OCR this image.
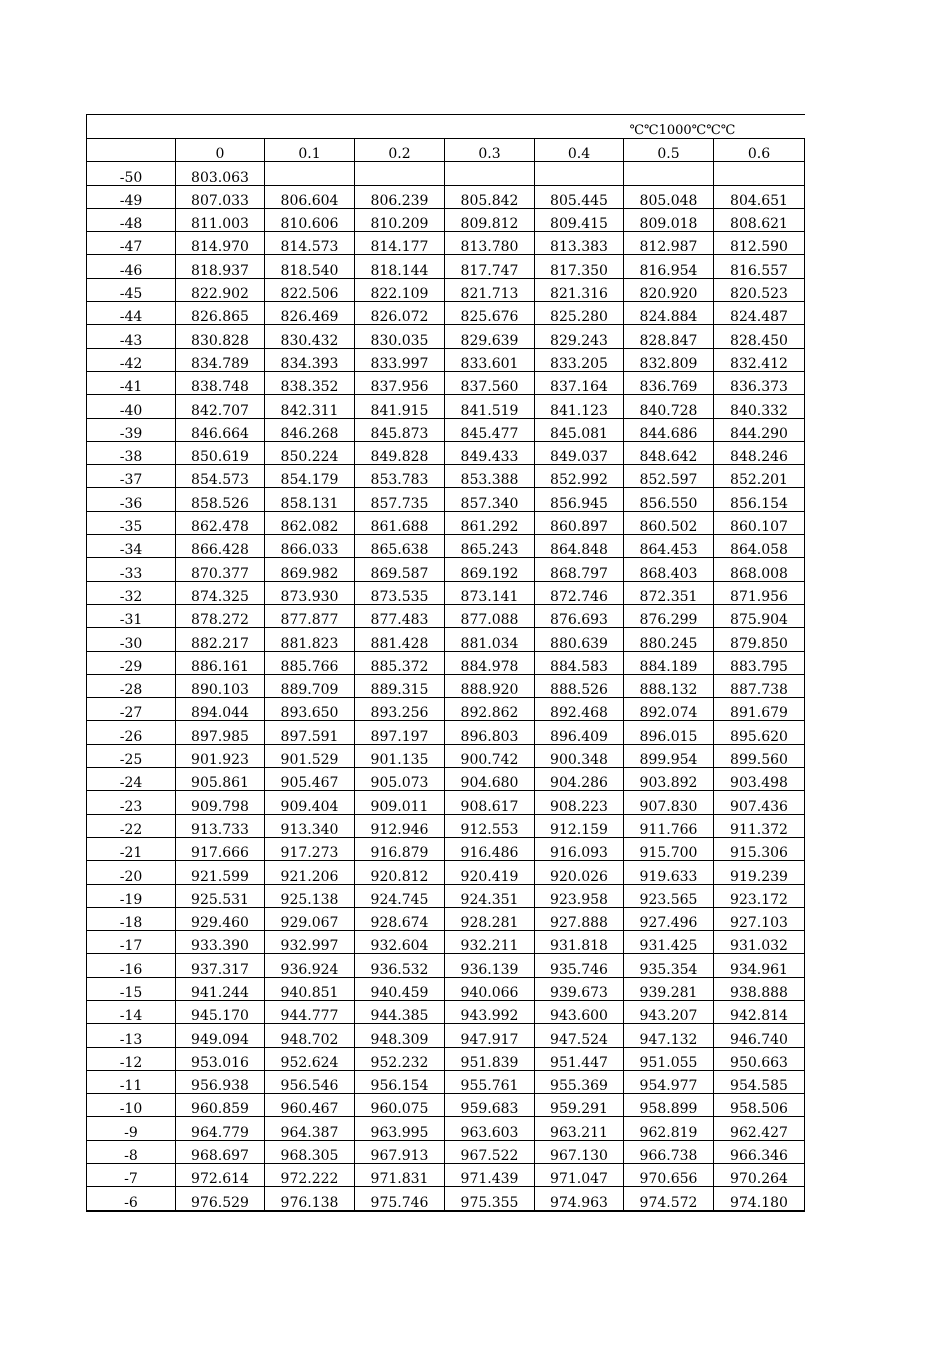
					℃℃1000℃℃℃		
	0	0.1	0.2	0.3	0.4	0.5	0.6
-50	803.063						
-49	807.033	806.604	806.239	805.842	805.445	805.048	804.651
-48	811.003	810.606	810.209	809.812	809.415	809.018	808.621
-47	814.970	814.573	814.177	813.780	813.383	812.987	812.590
-46	818.937	818.540	818.144	817.747	817.350	816.954	816.557
-45	822.902	822.506	822.109	821.713	821.316	820.920	820.523
-44	826.865	826.469	826.072	825.676	825.280	824.884	824.487
-43	830.828	830.432	830.035	829.639	829.243	828.847	828.450
-42	834.789	834.393	833.997	833.601	833.205	832.809	832.412
-41	838.748	838.352	837.956	837.560	837.164	836.769	836.373
-40	842.707	842.311	841.915	841.519	841.123	840.728	840.332
-39	846.664	846.268	845.873	845.477	845.081	844.686	844.290
-38	850.619	850.224	849.828	849.433	849.037	848.642	848.246
-37	854.573	854.179	853.783	853.388	852.992	852.597	852.201
-36	858.526	858.131	857.735	857.340	856.945	856.550	856.154
-35	862.478	862.082	861.688	861.292	860.897	860.502	860.107
-34	866.428	866.033	865.638	865.243	864.848	864.453	864.058
-33	870.377	869.982	869.587	869.192	868.797	868.403	868.008
-32	874.325	873.930	873.535	873.141	872.746	872.351	871.956
-31	878.272	877.877	877.483	877.088	876.693	876.299	875.904
-30	882.217	881.823	881.428	881.034	880.639	880.245	879.850
-29	886.161	885.766	885.372	884.978	884.583	884.189	883.795
-28	890.103	889.709	889.315	888.920	888.526	888.132	887.738
-27	894.044	893.650	893.256	892.862	892.468	892.074	891.679
-26	897.985	897.591	897.197	896.803	896.409	896.015	895.620
-25	901.923	901.529	901.135	900.742	900.348	899.954	899.560
-24	905.861	905.467	905.073	904.680	904.286	903.892	903.498
-23	909.798	909.404	909.011	908.617	908.223	907.830	907.436
-22	913.733	913.340	912.946	912.553	912.159	911.766	911.372
-21	917.666	917.273	916.879	916.486	916.093	915.700	915.306
-20	921.599	921.206	920.812	920.419	920.026	919.633	919.239
-19	925.531	925.138	924.745	924.351	923.958	923.565	923.172
-18	929.460	929.067	928.674	928.281	927.888	927.496	927.103
-17	933.390	932.997	932.604	932.211	931.818	931.425	931.032
-16	937.317	936.924	936.532	936.139	935.746	935.354	934.961
-15	941.244	940.851	940.459	940.066	939.673	939.281	938.888
-14	945.170	944.777	944.385	943.992	943.600	943.207	942.814
-13	949.094	948.702	948.309	947.917	947.524	947.132	946.740
-12	953.016	952.624	952.232	951.839	951.447	951.055	950.663
-11	956.938	956.546	956.154	955.761	955.369	954.977	954.585
-10	960.859	960.467	960.075	959.683	959.291	958.899	958.506
-9	964.779	964.387	963.995	963.603	963.211	962.819	962.427
-8	968.697	968.305	967.913	967.522	967.130	966.738	966.346
-7	972.614	972.222	971.831	971.439	971.047	970.656	970.264
-6	976.529	976.138	975.746	975.355	974.963	974.572	974.180
